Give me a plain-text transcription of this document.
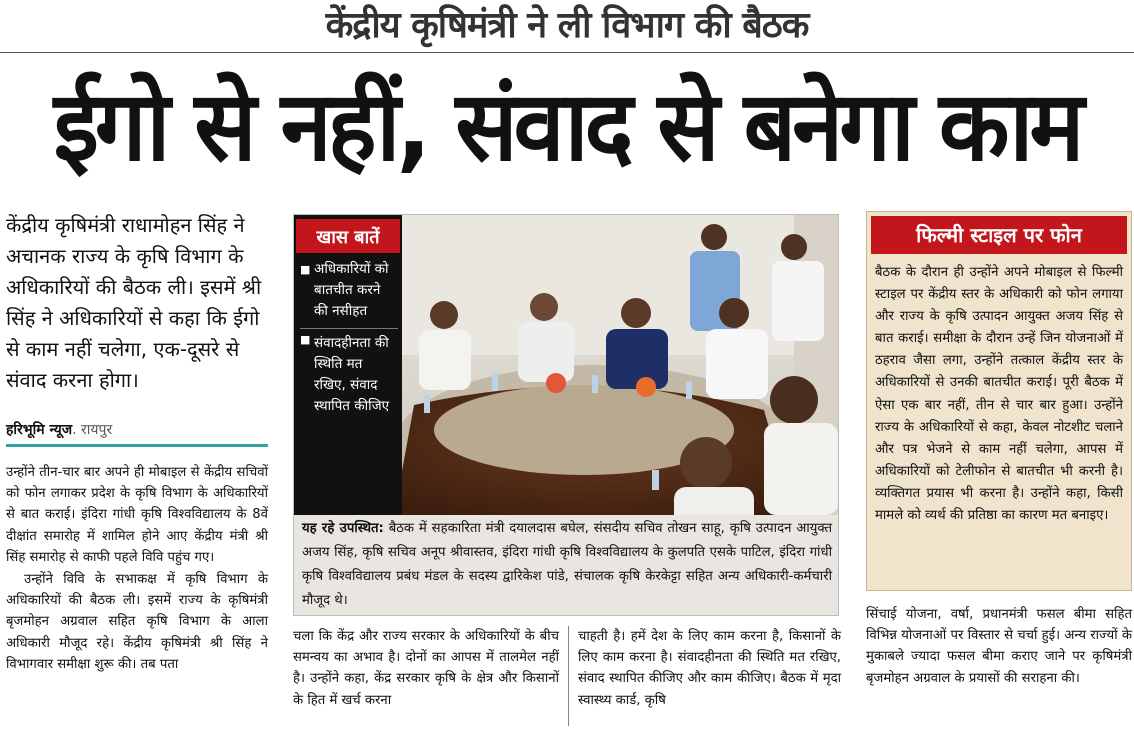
केंद्रीय कृषिमंत्री ने ली विभाग की बैठक
ईगो से नहीं, संवाद से बनेगा काम
केंद्रीय कृषिमंत्री राधामोहन सिंह ने अचानक राज्य के कृषि विभाग के अधिकारियों की बैठक ली। इसमें श्री सिंह ने अधिकारियों से कहा कि ईगो से काम नहीं चलेगा, एक-दूसरे से संवाद करना होगा।
हरिभूमि न्यूज. रायपुर

उन्होंने तीन-चार बार अपने ही मोबाइल से केंद्रीय सचिवों को फोन लगाकर प्रदेश के कृषि विभाग के अधिकारियों से बात कराई। इंदिरा गांधी कृषि विश्वविद्यालय के 8वें दीक्षांत समारोह में शामिल होने आए केंद्रीय मंत्री श्री सिंह समारोह से काफी पहले विवि पहुंच गए।

उन्होंने विवि के सभाकक्ष में कृषि विभाग के अधिकारियों की बैठक ली। इसमें राज्य के कृषिमंत्री बृजमोहन अग्रवाल सहित कृषि विभाग के आला अधिकारी मौजूद रहे। केंद्रीय कृषिमंत्री श्री सिंह ने विभागवार समीक्षा शुरू की। तब पता

खास बातें
■ अधिकारियों को बातचीत करने की नसीहत
■ संवादहीनता की स्थिति मत रखिए, संवाद स्थापित कीजिए
यह रहे उपस्थित: बैठक में सहकारिता मंत्री दयालदास बघेल, संसदीय सचिव तोखन साहू, कृषि उत्पादन आयुक्त अजय सिंह, कृषि सचिव अनूप श्रीवास्तव, इंदिरा गांधी कृषि विश्वविद्यालय के कुलपति एसके पाटिल, इंदिरा गांधी कृषि विश्वविद्यालय प्रबंध मंडल के सदस्य द्वारिकेश पांडे, संचालक कृषि केरकेट्टा सहित अन्य अधिकारी-कर्मचारी मौजूद थे।
चला कि केंद्र और राज्य सरकार के अधिकारियों के बीच समन्वय का अभाव है। दोनों का आपस में तालमेल नहीं है। उन्होंने कहा, केंद्र सरकार कृषि के क्षेत्र और किसानों के हित में खर्च करना
चाहती है। हमें देश के लिए काम करना है, किसानों के लिए काम करना है। संवादहीनता की स्थिति मत रखिए, संवाद स्थापित कीजिए और काम कीजिए। बैठक में मृदा स्वास्थ्य कार्ड, कृषि
फिल्मी स्टाइल पर फोन
बैठक के दौरान ही उन्होंने अपने मोबाइल से फिल्मी स्टाइल पर केंद्रीय स्तर के अधिकारी को फोन लगाया और राज्य के कृषि उत्पादन आयुक्त अजय सिंह से बात कराई। समीक्षा के दौरान उन्हें जिन योजनाओं में ठहराव जैसा लगा, उन्होंने तत्काल केंद्रीय स्तर के अधिकारियों से उनकी बातचीत कराई। पूरी बैठक में ऐसा एक बार नहीं, तीन से चार बार हुआ। उन्होंने राज्य के अधिकारियों से कहा, केवल नोटशीट चलाने और पत्र भेजने से काम नहीं चलेगा, आपस में अधिकारियों को टेलीफोन से बातचीत भी करनी है। व्यक्तिगत प्रयास भी करना है। उन्होंने कहा, किसी मामले को व्यर्थ की प्रतिष्ठा का कारण मत बनाइए।
सिंचाई योजना, वर्षा, प्रधानमंत्री फसल बीमा सहित विभिन्न योजनाओं पर विस्तार से चर्चा हुई। अन्य राज्यों के मुकाबले ज्यादा फसल बीमा कराए जाने पर कृषिमंत्री बृजमोहन अग्रवाल के प्रयासों की सराहना की।
